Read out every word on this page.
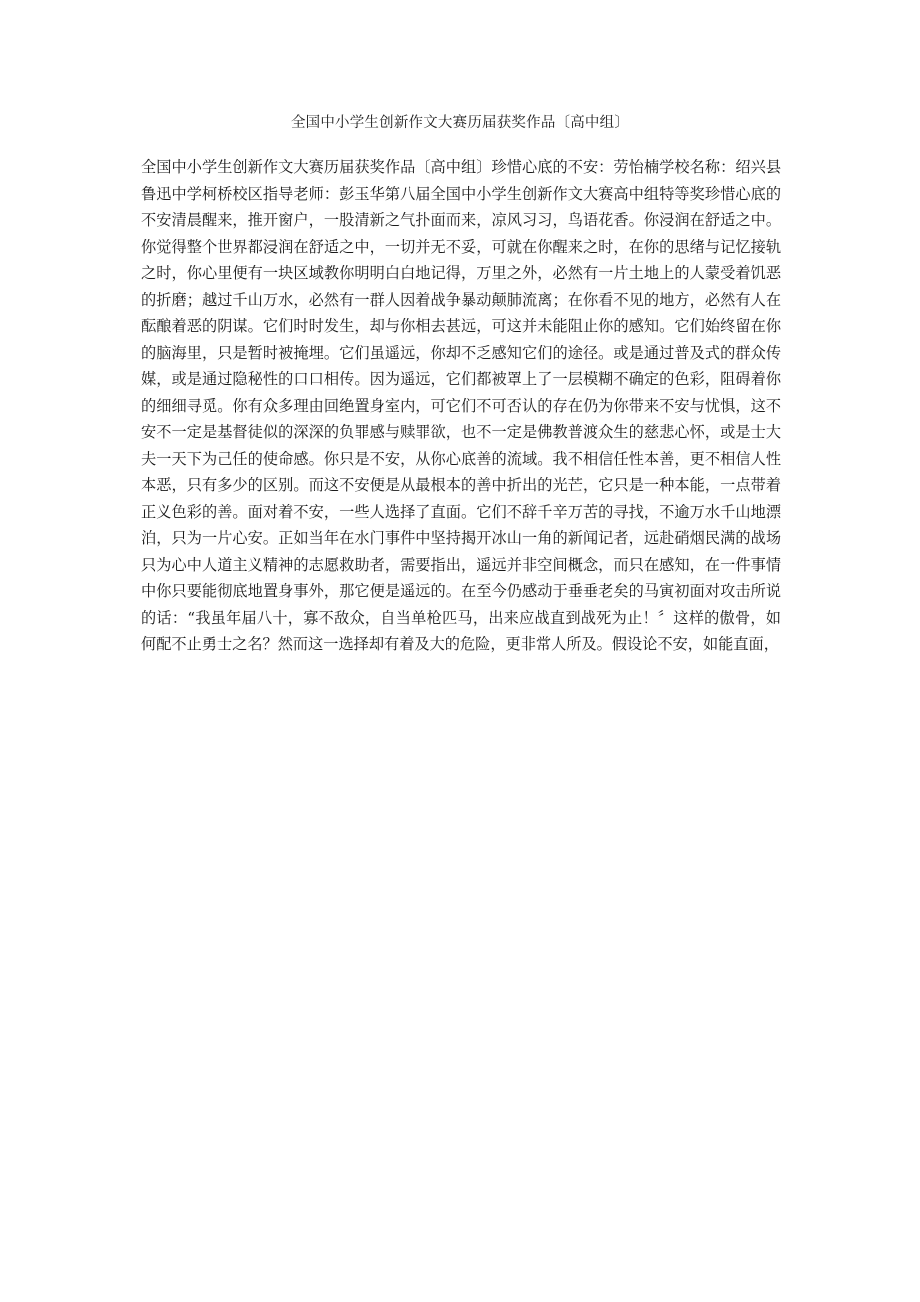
全国中小学生创新作文大赛历届获奖作品〔高中组〕
全国中小学生创新作文大赛历届获奖作品〔高中组〕珍惜心底的不安：劳怡楠学校名称：绍兴县鲁迅中学柯桥校区指导老师：彭玉华第八届全国中小学生创新作文大赛高中组特等奖珍惜心底的不安清晨醒来，推开窗户，一股清新之气扑面而来，凉风习习，鸟语花香。你浸润在舒适之中。你觉得整个世界都浸润在舒适之中，一切并无不妥，可就在你醒来之时，在你的思绪与记忆接轨之时，你心里便有一块区域教你明明白白地记得，万里之外，必然有一片土地上的人蒙受着饥恶的折磨；越过千山万水，必然有一群人因着战争暴动颠肺流离；在你看不见的地方，必然有人在酝酿着恶的阴谋。它们时时发生，却与你相去甚远，可这并未能阻止你的感知。它们始终留在你的脑海里，只是暂时被掩埋。它们虽遥远，你却不乏感知它们的途径。或是通过普及式的群众传媒，或是通过隐秘性的口口相传。因为遥远，它们都被罩上了一层模糊不确定的色彩，阻碍着你的细细寻觅。你有众多理由回绝置身室内，可它们不可否认的存在仍为你带来不安与忧惧，这不安不一定是基督徒似的深深的负罪感与赎罪欲，也不一定是佛教普渡众生的慈悲心怀，或是士大夫一天下为己任的使命感。你只是不安，从你心底善的流域。我不相信任性本善，更不相信人性本恶，只有多少的区别。而这不安便是从最根本的善中折出的光芒，它只是一种本能，一点带着正义色彩的善。面对着不安，一些人选择了直面。它们不辞千辛万苦的寻找，不逾万水千山地漂泊，只为一片心安。正如当年在水门事件中坚持揭开冰山一角的新闻记者，远赴硝烟民满的战场只为心中人道主义精神的志愿救助者，需要指出，遥远并非空间概念，而只在感知，在一件事情中你只要能彻底地置身事外，那它便是遥远的。在至今仍感动于垂垂老矣的马寅初面对攻击所说的话：“我虽年届八十，寡不敌众，自当单枪匹马，出来应战直到战死为止！〞这样的傲骨，如何配不止勇士之名？然而这一选择却有着及大的危险，更非常人所及。假设论不安，如能直面，
